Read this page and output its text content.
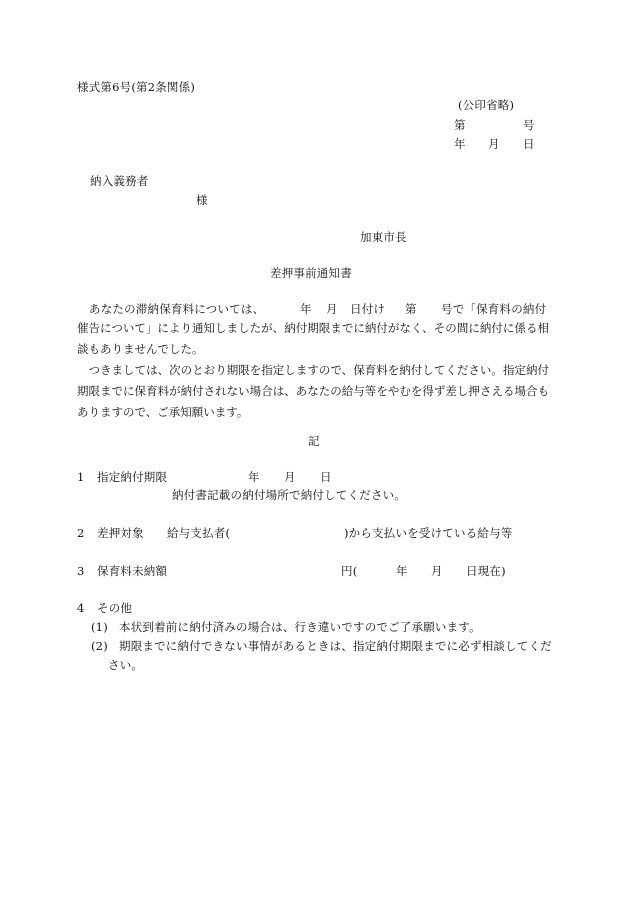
様式第6号(第2条関係)
(公印省略)
第	号
年 月 日
納入義務者
様
加東市長
差押事前通知書
あなたの滞納保育料については、	年 月 日付け 第 号で「保育料の納付

催告について」により通知しましたが、納付期限までに納付がなく、その間に納付に係る相談もありませんでした。

つきましては、次のとおり期限を指定しますので、保育料を納付してください。指定納付期限までに保育料が納付されない場合は、あなたの給与等をやむを得ず差し押さえる場合もありますので、ご承知願います。

記
1 指定納付期限	年 月 日
納付書記載の納付場所で納付してください。
2 差押対象 給与支払者(	)から支払いを受けている給与等
3 保育料未納額	円(	年 月 日現在)
4 その他
(1) 本状到着前に納付済みの場合は、行き違いですのでご了承願います。
(2) 期限までに納付できない事情があるときは、指定納付期限までに必ず相談してくだ
さい。
